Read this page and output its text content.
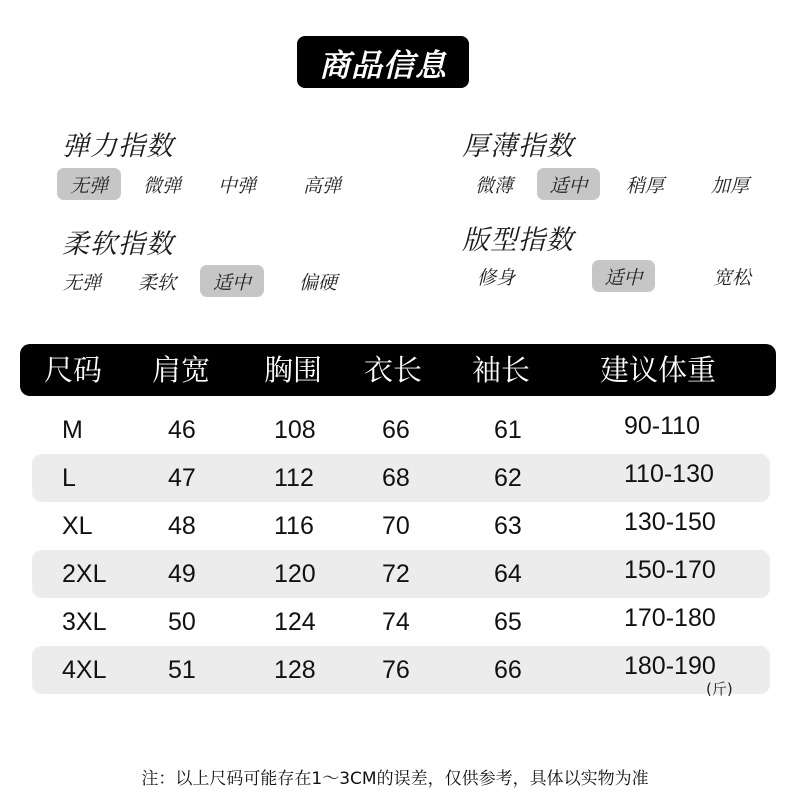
商品信息
弹力指数
无弹	微弹	中弹	高弹
厚薄指数
微薄	适中	稍厚	加厚
柔软指数
无弹	柔软	适中	偏硬
版型指数
修身	适中	宽松
尺码 肩宽 胸围 衣长 袖长 建议体重
M	46	108	66	61	90-110
L	47	112	68	62	110-130
XL	48	116	70	63	130-150
2XL 49	120	72	64	150-170
3XL 50	124	74	65	170-180
4XL 51	128	76	66	180-190
(斤)
注：以上尺码可能存在1～3CM的误差，仅供参考，具体以实物为准
